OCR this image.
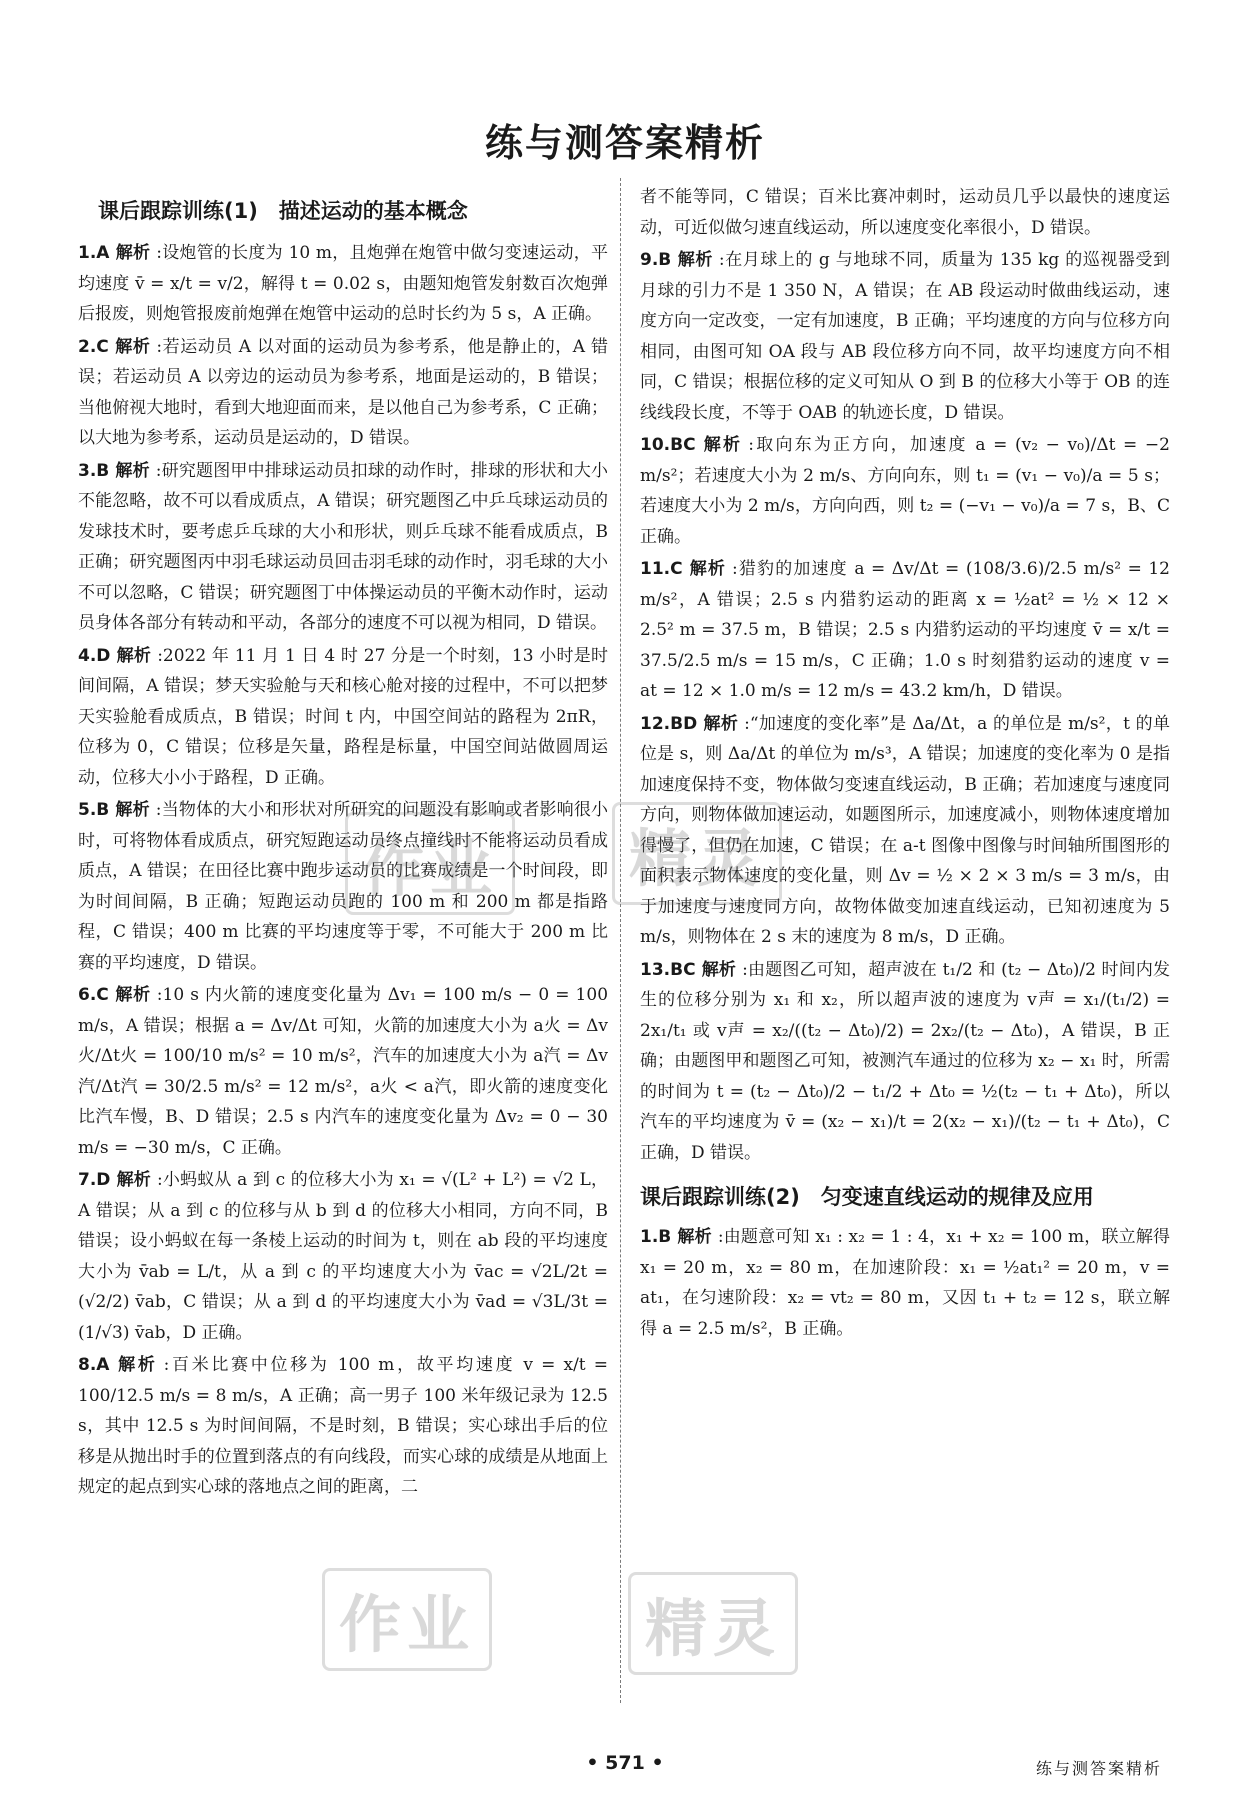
练与测答案精析
课后跟踪训练(1)　描述运动的基本概念
1.A 解析 :设炮管的长度为 10 m，且炮弹在炮管中做匀变速运动，平均速度 v̄ = x/t = v/2，解得 t = 0.02 s，由题知炮管发射数百次炮弹后报废，则炮管报废前炮弹在炮管中运动的总时长约为 5 s，A 正确。
2.C 解析 :若运动员 A 以对面的运动员为参考系，他是静止的，A 错误；若运动员 A 以旁边的运动员为参考系，地面是运动的，B 错误；当他俯视大地时，看到大地迎面而来，是以他自己为参考系，C 正确；以大地为参考系，运动员是运动的，D 错误。
3.B 解析 :研究题图甲中排球运动员扣球的动作时，排球的形状和大小不能忽略，故不可以看成质点，A 错误；研究题图乙中乒乓球运动员的发球技术时，要考虑乒乓球的大小和形状，则乒乓球不能看成质点，B 正确；研究题图丙中羽毛球运动员回击羽毛球的动作时，羽毛球的大小不可以忽略，C 错误；研究题图丁中体操运动员的平衡木动作时，运动员身体各部分有转动和平动，各部分的速度不可以视为相同，D 错误。
4.D 解析 :2022 年 11 月 1 日 4 时 27 分是一个时刻，13 小时是时间间隔，A 错误；梦天实验舱与天和核心舱对接的过程中，不可以把梦天实验舱看成质点，B 错误；时间 t 内，中国空间站的路程为 2πR，位移为 0，C 错误；位移是矢量，路程是标量，中国空间站做圆周运动，位移大小小于路程，D 正确。
5.B 解析 :当物体的大小和形状对所研究的问题没有影响或者影响很小时，可将物体看成质点，研究短跑运动员终点撞线时不能将运动员看成质点，A 错误；在田径比赛中跑步运动员的比赛成绩是一个时间段，即为时间间隔，B 正确；短跑运动员跑的 100 m 和 200 m 都是指路程，C 错误；400 m 比赛的平均速度等于零，不可能大于 200 m 比赛的平均速度，D 错误。
6.C 解析 :10 s 内火箭的速度变化量为 Δv₁ = 100 m/s − 0 = 100 m/s，A 错误；根据 a = Δv/Δt 可知，火箭的加速度大小为 a火 = Δv火/Δt火 = 100/10 m/s² = 10 m/s²，汽车的加速度大小为 a汽 = Δv汽/Δt汽 = 30/2.5 m/s² = 12 m/s²，a火 < a汽，即火箭的速度变化比汽车慢，B、D 错误；2.5 s 内汽车的速度变化量为 Δv₂ = 0 − 30 m/s = −30 m/s，C 正确。
7.D 解析 :小蚂蚁从 a 到 c 的位移大小为 x₁ = √(L² + L²) = √2 L，A 错误；从 a 到 c 的位移与从 b 到 d 的位移大小相同，方向不同，B 错误；设小蚂蚁在每一条棱上运动的时间为 t，则在 ab 段的平均速度大小为 v̄ab = L/t，从 a 到 c 的平均速度大小为 v̄ac = √2L/2t = (√2/2) v̄ab，C 错误；从 a 到 d 的平均速度大小为 v̄ad = √3L/3t = (1/√3) v̄ab，D 正确。
8.A 解析 :百米比赛中位移为 100 m，故平均速度 v = x/t = 100/12.5 m/s = 8 m/s，A 正确；高一男子 100 米年级记录为 12.5 s，其中 12.5 s 为时间间隔，不是时刻，B 错误；实心球出手后的位移是从抛出时手的位置到落点的有向线段，而实心球的成绩是从地面上规定的起点到实心球的落地点之间的距离，二
者不能等同，C 错误；百米比赛冲刺时，运动员几乎以最快的速度运动，可近似做匀速直线运动，所以速度变化率很小，D 错误。
9.B 解析 :在月球上的 g 与地球不同，质量为 135 kg 的巡视器受到月球的引力不是 1 350 N，A 错误；在 AB 段运动时做曲线运动，速度方向一定改变，一定有加速度，B 正确；平均速度的方向与位移方向相同，由图可知 OA 段与 AB 段位移方向不同，故平均速度方向不相同，C 错误；根据位移的定义可知从 O 到 B 的位移大小等于 OB 的连线线段长度，不等于 OAB 的轨迹长度，D 错误。
10.BC 解析 :取向东为正方向，加速度 a = (v₂ − v₀)/Δt = −2 m/s²；若速度大小为 2 m/s、方向向东，则 t₁ = (v₁ − v₀)/a = 5 s；若速度大小为 2 m/s，方向向西，则 t₂ = (−v₁ − v₀)/a = 7 s，B、C 正确。
11.C 解析 :猎豹的加速度 a = Δv/Δt = (108/3.6)/2.5 m/s² = 12 m/s²，A 错误；2.5 s 内猎豹运动的距离 x = ½at² = ½ × 12 × 2.5² m = 37.5 m，B 错误；2.5 s 内猎豹运动的平均速度 v̄ = x/t = 37.5/2.5 m/s = 15 m/s，C 正确；1.0 s 时刻猎豹运动的速度 v = at = 12 × 1.0 m/s = 12 m/s = 43.2 km/h，D 错误。
12.BD 解析 :“加速度的变化率”是 Δa/Δt，a 的单位是 m/s²，t 的单位是 s，则 Δa/Δt 的单位为 m/s³，A 错误；加速度的变化率为 0 是指加速度保持不变，物体做匀变速直线运动，B 正确；若加速度与速度同方向，则物体做加速运动，如题图所示，加速度减小，则物体速度增加得慢了，但仍在加速，C 错误；在 a-t 图像中图像与时间轴所围图形的面积表示物体速度的变化量，则 Δv = ½ × 2 × 3 m/s = 3 m/s，由于加速度与速度同方向，故物体做变加速直线运动，已知初速度为 5 m/s，则物体在 2 s 末的速度为 8 m/s，D 正确。
13.BC 解析 :由题图乙可知，超声波在 t₁/2 和 (t₂ − Δt₀)/2 时间内发生的位移分别为 x₁ 和 x₂，所以超声波的速度为 v声 = x₁/(t₁/2) = 2x₁/t₁ 或 v声 = x₂/((t₂ − Δt₀)/2) = 2x₂/(t₂ − Δt₀)，A 错误，B 正确；由题图甲和题图乙可知，被测汽车通过的位移为 x₂ − x₁ 时，所需的时间为 t = (t₂ − Δt₀)/2 − t₁/2 + Δt₀ = ½(t₂ − t₁ + Δt₀)，所以汽车的平均速度为 v̄ = (x₂ − x₁)/t = 2(x₂ − x₁)/(t₂ − t₁ + Δt₀)，C 正确，D 错误。
课后跟踪训练(2)　匀变速直线运动的规律及应用
1.B 解析 :由题意可知 x₁ : x₂ = 1 : 4，x₁ + x₂ = 100 m，联立解得 x₁ = 20 m，x₂ = 80 m，在加速阶段：x₁ = ½at₁² = 20 m，v = at₁，在匀速阶段：x₂ = vt₂ = 80 m，又因 t₁ + t₂ = 12 s，联立解得 a = 2.5 m/s²，B 正确。
作业 精灵
作业	精灵
• 571 •	练与测答案精析
